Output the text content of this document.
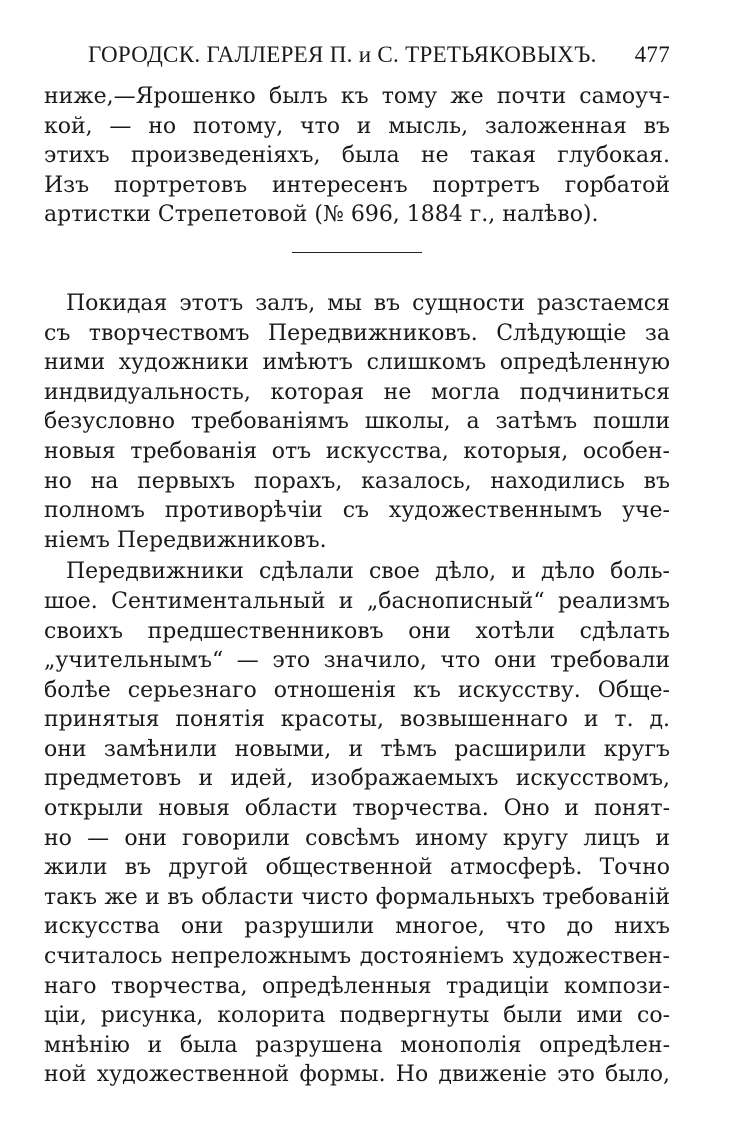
ГОРОДСК. ГАЛЛЕРЕЯ П. и С. ТРЕТЬЯКОВЫХЪ. 477
ниже,—Ярошенко былъ къ тому же почти самоуч-
кой, — но потому, что и мысль, заложенная въ
этихъ произведеніяхъ, была не такая глубокая.
Изъ портретовъ интересенъ портретъ горбатой
артистки Стрепетовой (№ 696, 1884 г., налѣво).
Покидая этотъ залъ, мы въ сущности разстаемся
съ творчествомъ Передвижниковъ. Слѣдующіе за
ними художники имѣютъ слишкомъ опредѣленную
индвидуальность, которая не могла подчиниться
безусловно требованіямъ школы, а затѣмъ пошли
новыя требованія отъ искусства, которыя, особен-
но на первыхъ порахъ, казалось, находились въ
полномъ противорѣчіи съ художественнымъ уче-
ніемъ Передвижниковъ.
Передвижники сдѣлали свое дѣло, и дѣло боль-
шое. Сентиментальный и „баснописный“ реализмъ
своихъ предшественниковъ они хотѣли сдѣлать
„учительнымъ“ — это значило, что они требовали
болѣе серьезнаго отношенія къ искусству. Обще-
принятыя понятія красоты, возвышеннаго и т. д.
они замѣнили новыми, и тѣмъ расширили кругъ
предметовъ и идей, изображаемыхъ искусствомъ,
открыли новыя области творчества. Оно и понят-
но — они говорили совсѣмъ иному кругу лицъ и
жили въ другой общественной атмосферѣ. Точно
такъ же и въ области чисто формальныхъ требованій
искусства они разрушили многое, что до нихъ
считалось непреложнымъ достояніемъ художествен-
наго творчества, опредѣленныя традиціи компози-
ціи, рисунка, колорита подвергнуты были ими со-
мнѣнію и была разрушена монополія опредѣлен-
ной художественной формы. Но движеніе это было,
